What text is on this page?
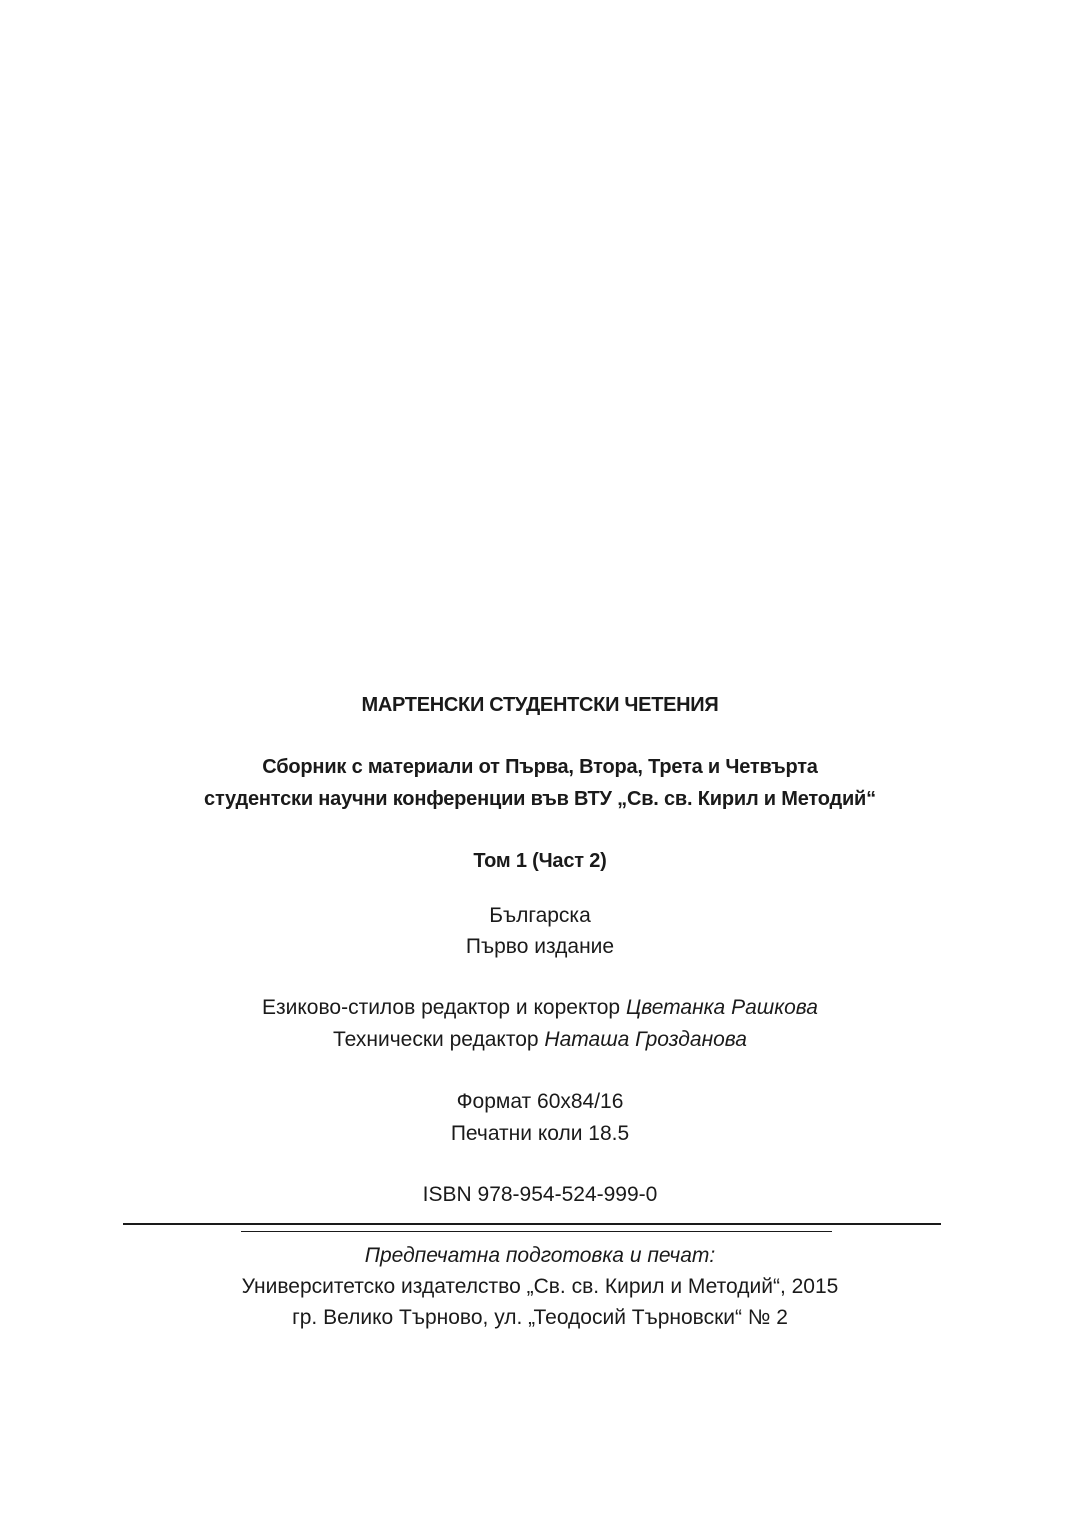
МАРТЕНСКИ СТУДЕНТСКИ ЧЕТЕНИЯ
Сборник с материали от Първа, Втора, Трета и Четвърта
студентски научни конференции във ВТУ „Св. св. Кирил и Методий“
Том 1 (Част 2)
Българска
Първо издание
Езиково-стилов редактор и коректор Цветанка Рашкова
Технически редактор Наташа Грозданова
Формат 60х84/16
Печатни коли 18.5
ISBN 978-954-524-999-0
Предпечатна подготовка и печат:
Университетско издателство „Св. св. Кирил и Методий“, 2015
гр. Велико Търново, ул. „Теодосий Търновски“ № 2
